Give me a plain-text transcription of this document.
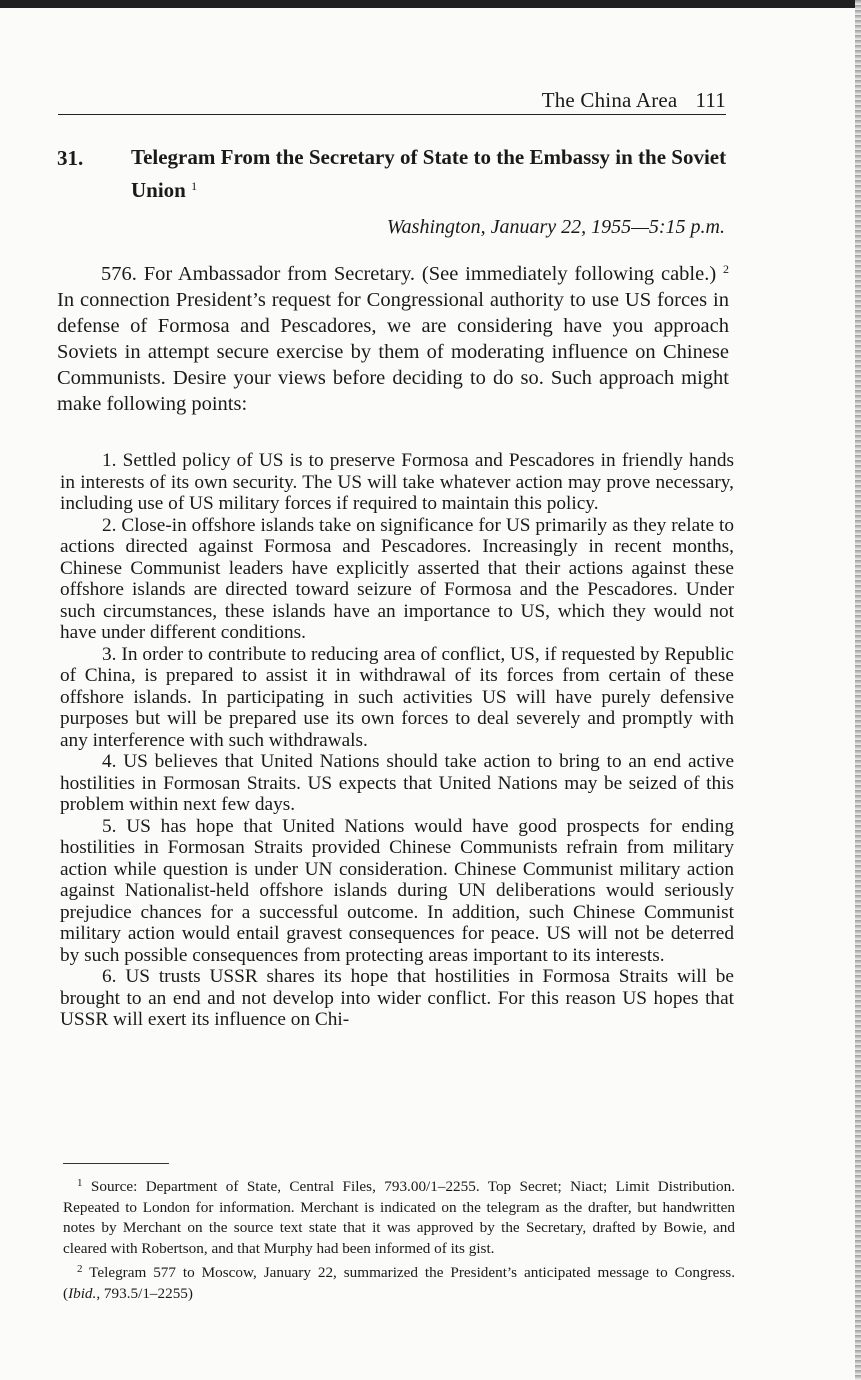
The China Area 111
31. Telegram From the Secretary of State to the Embassy in the Soviet Union $^1$
Washington, January 22, 1955—5:15 p.m.

576. For Ambassador from Secretary. (See immediately following cable.) $^2$ In connection President’s request for Congressional authority to use US forces in defense of Formosa and Pescadores, we are considering have you approach Soviets in attempt secure exercise by them of moderating influence on Chinese Communists. Desire your views before deciding to do so. Such approach might make following points:

1. Settled policy of US is to preserve Formosa and Pescadores in friendly hands in interests of its own security. The US will take whatever action may prove necessary, including use of US military forces if required to maintain this policy.

2. Close-in offshore islands take on significance for US primarily as they relate to actions directed against Formosa and Pescadores. Increasingly in recent months, Chinese Communist leaders have explicitly asserted that their actions against these offshore islands are directed toward seizure of Formosa and the Pescadores. Under such circumstances, these islands have an importance to US, which they would not have under different conditions.

3. In order to contribute to reducing area of conflict, US, if requested by Republic of China, is prepared to assist it in withdrawal of its forces from certain of these offshore islands. In participating in such activities US will have purely defensive purposes but will be prepared use its own forces to deal severely and promptly with any interference with such withdrawals.

4. US believes that United Nations should take action to bring to an end active hostilities in Formosan Straits. US expects that United Nations may be seized of this problem within next few days.

5. US has hope that United Nations would have good prospects for ending hostilities in Formosan Straits provided Chinese Communists refrain from military action while question is under UN consideration. Chinese Communist military action against Nationalist-held offshore islands during UN deliberations would seriously prejudice chances for a successful outcome. In addition, such Chinese Communist military action would entail gravest consequences for peace. US will not be deterred by such possible consequences from protecting areas important to its interests.

6. US trusts USSR shares its hope that hostilities in Formosa Straits will be brought to an end and not develop into wider conflict. For this reason US hopes that USSR will exert its influence on Chi-

$^1$ Source: Department of State, Central Files, 793.00/1–2255. Top Secret; Niact; Limit Distribution. Repeated to London for information. Merchant is indicated on the telegram as the drafter, but handwritten notes by Merchant on the source text state that it was approved by the Secretary, drafted by Bowie, and cleared with Robertson, and that Murphy had been informed of its gist.

$^2$ Telegram 577 to Moscow, January 22, summarized the President’s anticipated message to Congress. (Ibid., 793.5/1–2255)
